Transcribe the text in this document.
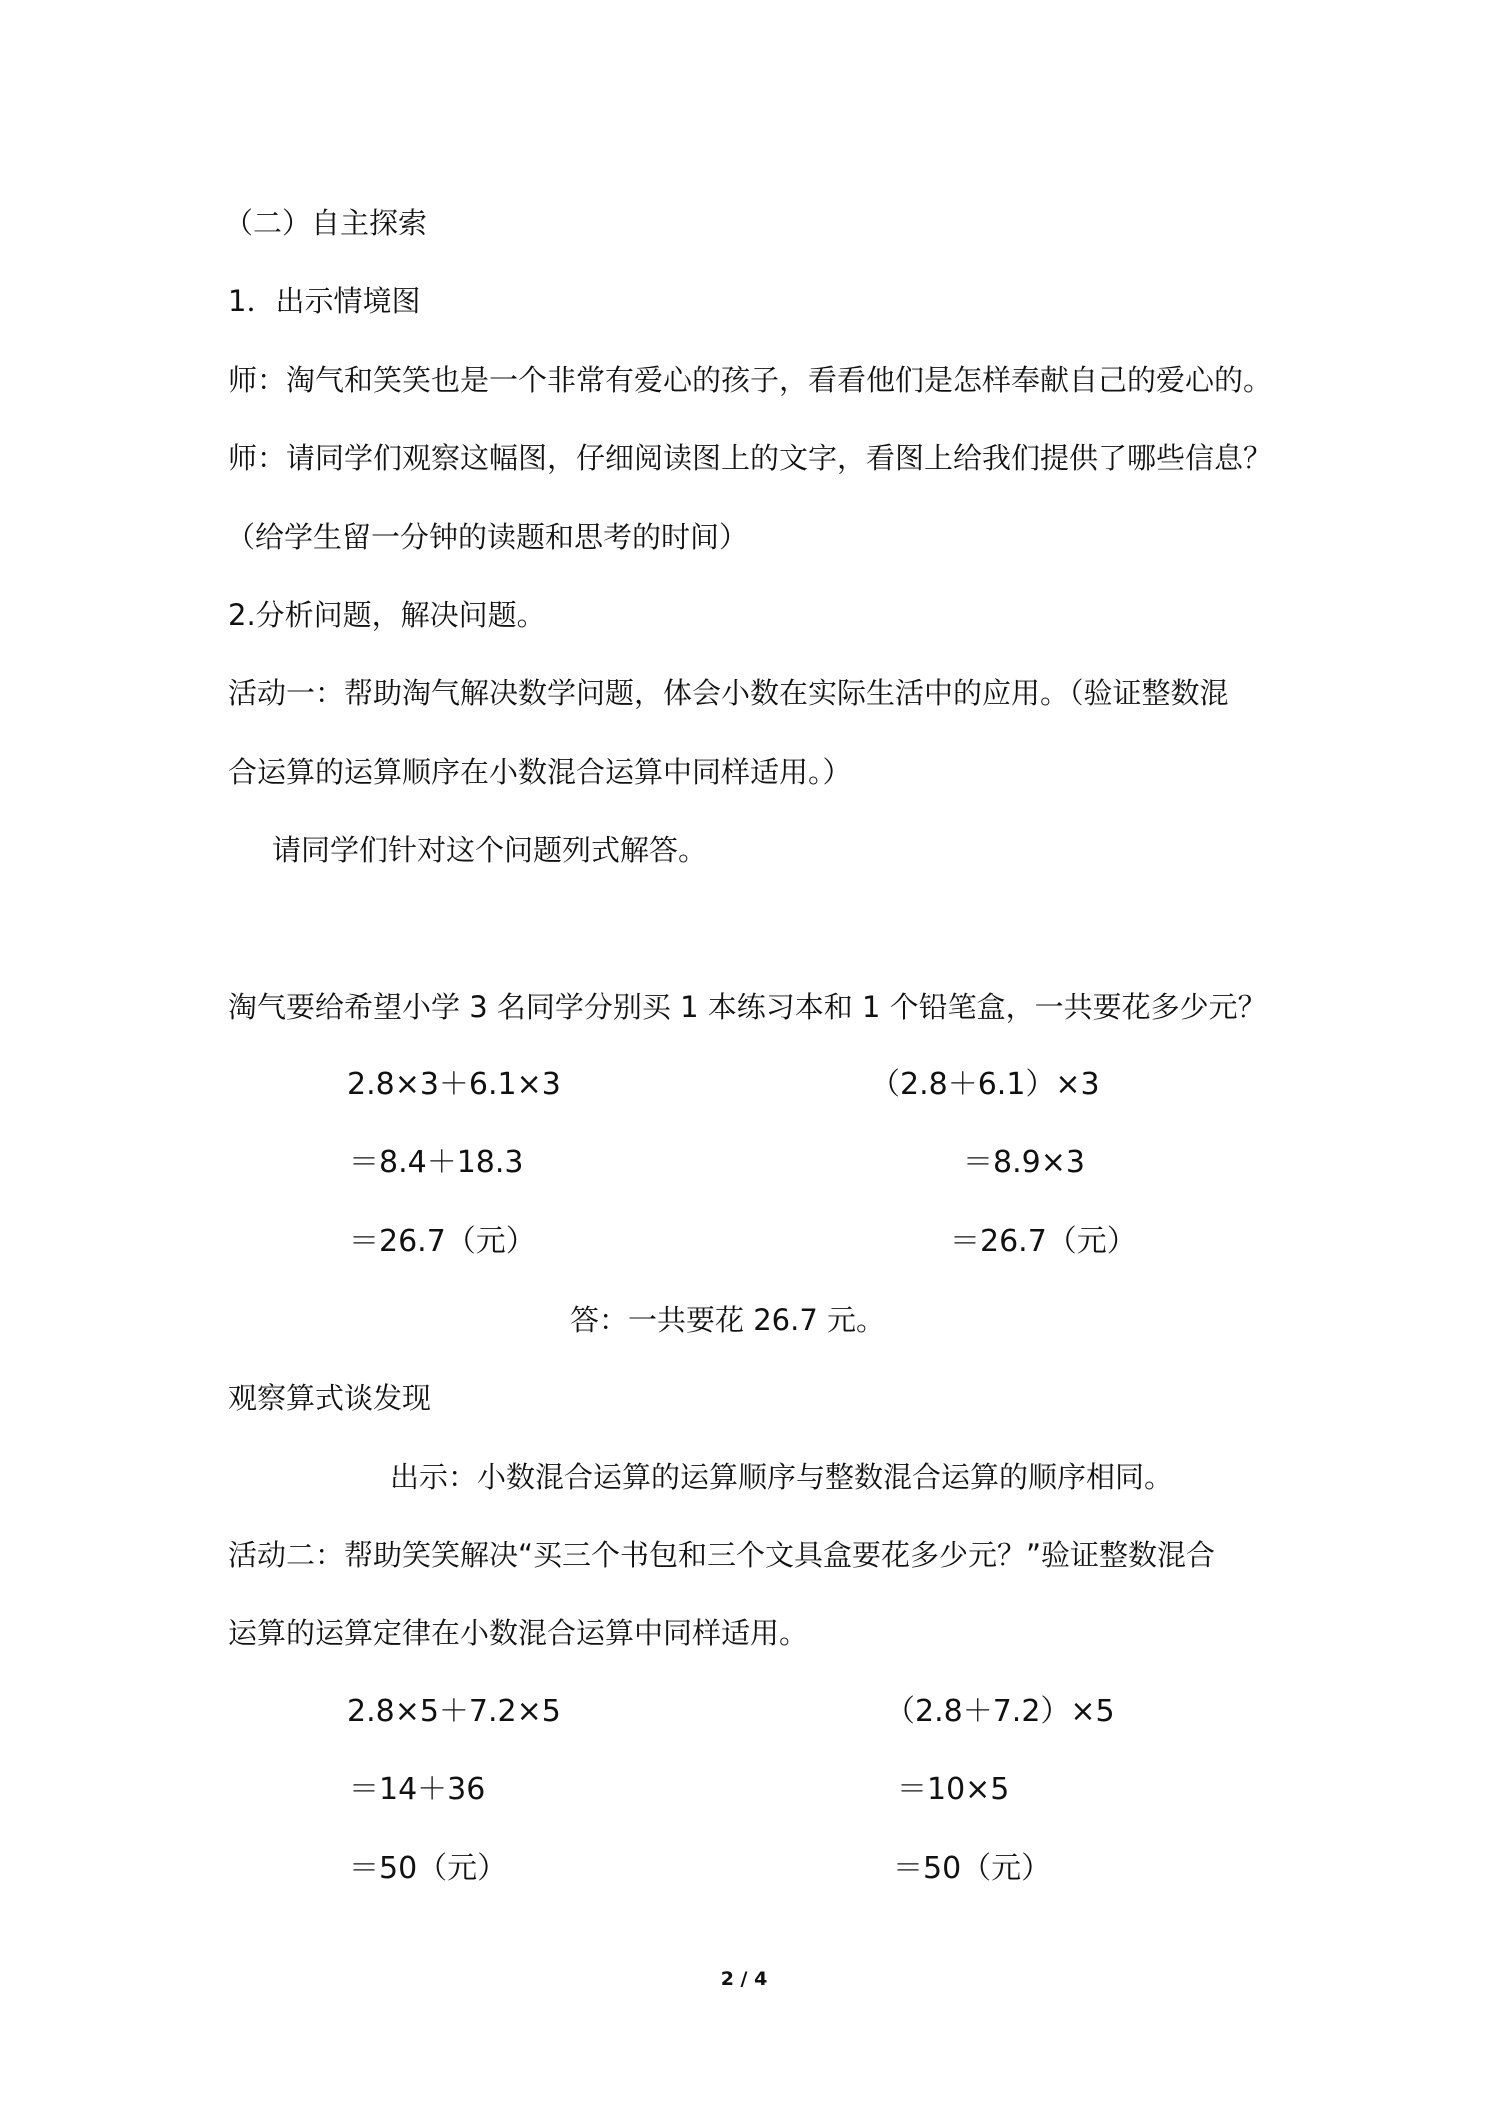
（二）自主探索
1．出示情境图
师：淘气和笑笑也是一个非常有爱心的孩子，看看他们是怎样奉献自己的爱心的。
师：请同学们观察这幅图，仔细阅读图上的文字，看图上给我们提供了哪些信息？
（给学生留一分钟的读题和思考的时间）
2.分析问题，解决问题。
活动一：帮助淘气解决数学问题，体会小数在实际生活中的应用。（验证整数混
合运算的运算顺序在小数混合运算中同样适用。）
请同学们针对这个问题列式解答。
淘气要给希望小学 3 名同学分别买 1 本练习本和 1 个铅笔盒，一共要花多少元？
2.8×3＋6.1×3	（2.8＋6.1）×3
＝8.4＋18.3	＝8.9×3
＝26.7（元）	＝26.7（元）
答：一共要花 26.7 元。
观察算式谈发现
出示：小数混合运算的运算顺序与整数混合运算的顺序相同。
活动二：帮助笑笑解决“买三个书包和三个文具盒要花多少元？”验证整数混合
运算的运算定律在小数混合运算中同样适用。
2.8×5＋7.2×5	（2.8＋7.2）×5
＝14＋36	＝10×5
＝50（元）	＝50（元）
2 / 4
